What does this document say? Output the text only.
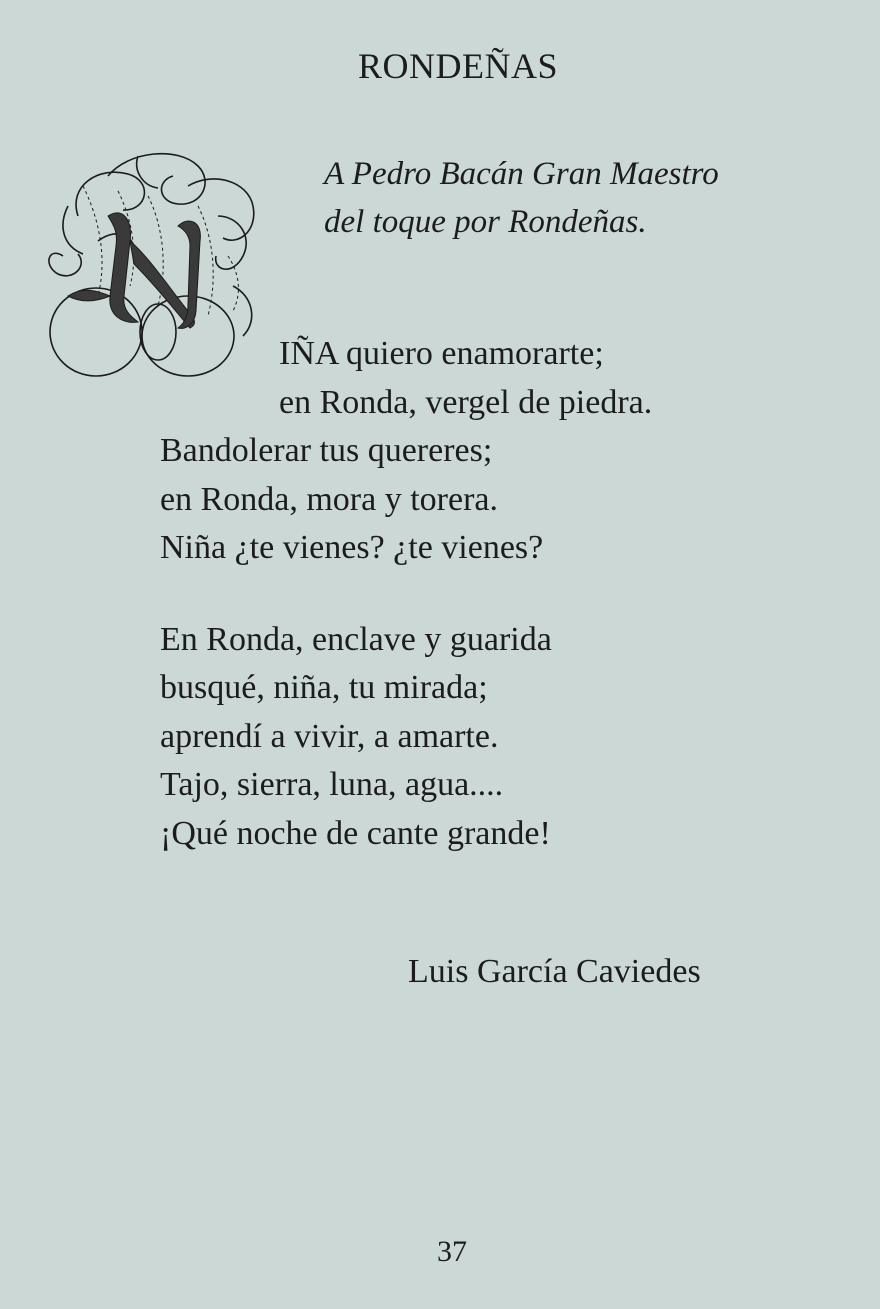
RONDEÑAS
A Pedro Bacán Gran Maestro
del toque por Rondeñas.
IÑA quiero enamorarte;
en Ronda, vergel de piedra.
Bandolerar tus quereres;
en Ronda, mora y torera.
Niña ¿te vienes? ¿te vienes?
En Ronda, enclave y guarida
busqué, niña, tu mirada;
aprendí a vivir, a amarte.
Tajo, sierra, luna, agua....
¡Qué noche de cante grande!
Luis García Caviedes
37
